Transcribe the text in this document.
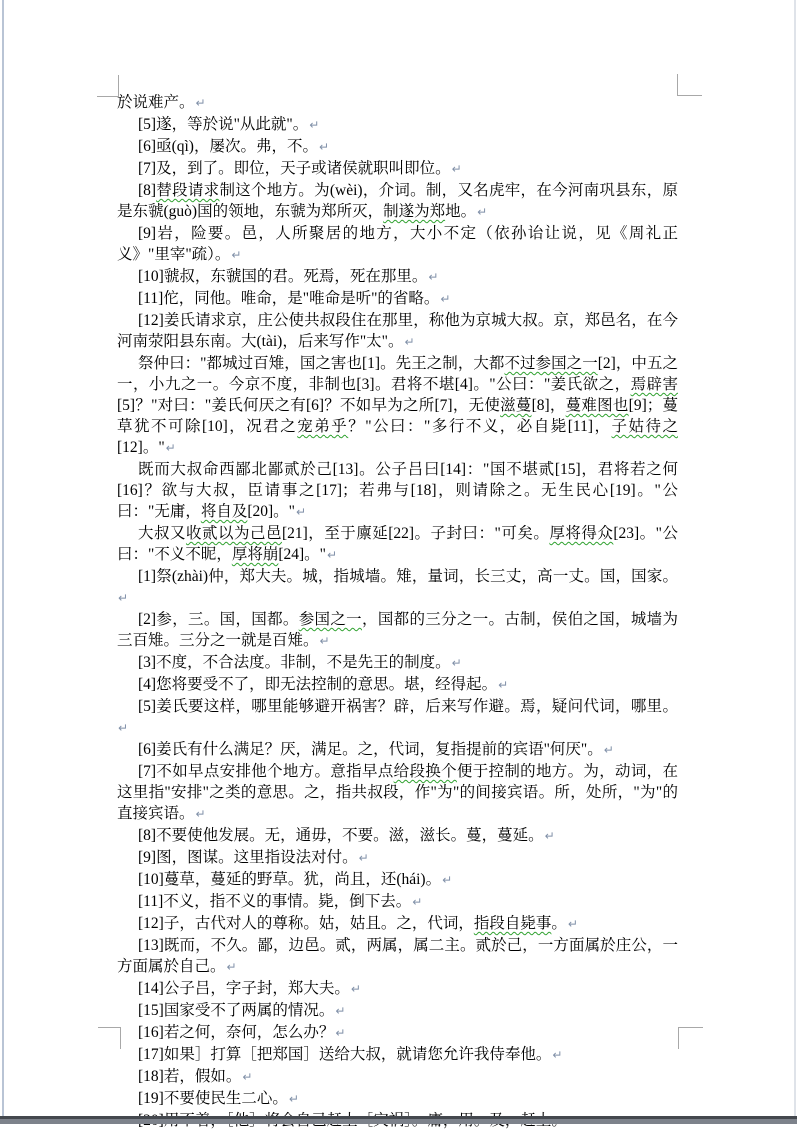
於说难产。↵

[5]遂，等於说"从此就"。↵

[6]亟(qì)，屡次。弗，不。↵

[7]及，到了。即位，天子或诸侯就职叫即位。↵

[8]替段请求制这个地方。为(wèi)，介词。制，又名虎牢，在今河南巩县东，原是东虢(guò)国的领地，东虢为郑所灭，制遂为郑地。↵

[9]岩，险要。邑，人所聚居的地方，大小不定（依孙诒让说，见《周礼正义》"里宰"疏）。↵

[10]虢叔，东虢国的君。死焉，死在那里。↵

[11]佗，同他。唯命，是"唯命是听"的省略。↵

[12]姜氏请求京，庄公使共叔段住在那里，称他为京城大叔。京，郑邑名，在今河南荥阳县东南。大(tài)，后来写作"太"。↵

祭仲曰："都城过百雉，国之害也[1]。先王之制，大都不过参国之一[2]，中五之一，小九之一。今京不度，非制也[3]。君将不堪[4]。"公曰："姜氏欲之，焉辟害[5]？"对曰："姜氏何厌之有[6]？不如早为之所[7]，无使滋蔓[8]，蔓难图也[9]；蔓草犹不可除[10]，况君之宠弟乎？"公曰："多行不义，必自毙[11]，子姑待之[12]。"↵

既而大叔命西鄙北鄙贰於己[13]。公子吕曰[14]："国不堪贰[15]，君将若之何[16]？欲与大叔，臣请事之[17]；若弗与[18]，则请除之。无生民心[19]。"公曰："无庸，将自及[20]。"↵

大叔又收贰以为己邑[21]，至于廪延[22]。子封曰："可矣。厚将得众[23]。"公曰："不义不昵，厚将崩[24]。"↵

[1]祭(zhài)仲，郑大夫。城，指城墙。雉，量词，长三丈，高一丈。国，国家。↵

[2]参，三。国，国都。参国之一，国都的三分之一。古制，侯伯之国，城墙为三百雉。三分之一就是百雉。↵

[3]不度，不合法度。非制，不是先王的制度。↵

[4]您将要受不了，即无法控制的意思。堪，经得起。↵

[5]姜氏要这样，哪里能够避开祸害？辟，后来写作避。焉，疑问代词，哪里。↵

[6]姜氏有什么满足？厌，满足。之，代词，复指提前的宾语"何厌"。↵

[7]不如早点安排他个地方。意指早点给段换个便于控制的地方。为，动词，在这里指"安排"之类的意思。之，指共叔段，作"为"的间接宾语。所，处所，"为"的直接宾语。↵

[8]不要使他发展。无，通毋，不要。滋，滋长。蔓，蔓延。↵

[9]图，图谋。这里指设法对付。↵

[10]蔓草，蔓延的野草。犹，尚且，还(hái)。↵

[11]不义，指不义的事情。毙，倒下去。↵

[12]子，古代对人的尊称。姑，姑且。之，代词，指段自毙事。↵

[13]既而，不久。鄙，边邑。贰，两属，属二主。贰於己，一方面属於庄公，一方面属於自己。↵

[14]公子吕，字子封，郑大夫。↵

[15]国家受不了两属的情况。↵

[16]若之何，奈何，怎么办？↵

[17]如果］打算［把郑国］送给大叔，就请您允许我侍奉他。↵

[18]若，假如。↵

[19]不要使民生二心。↵
